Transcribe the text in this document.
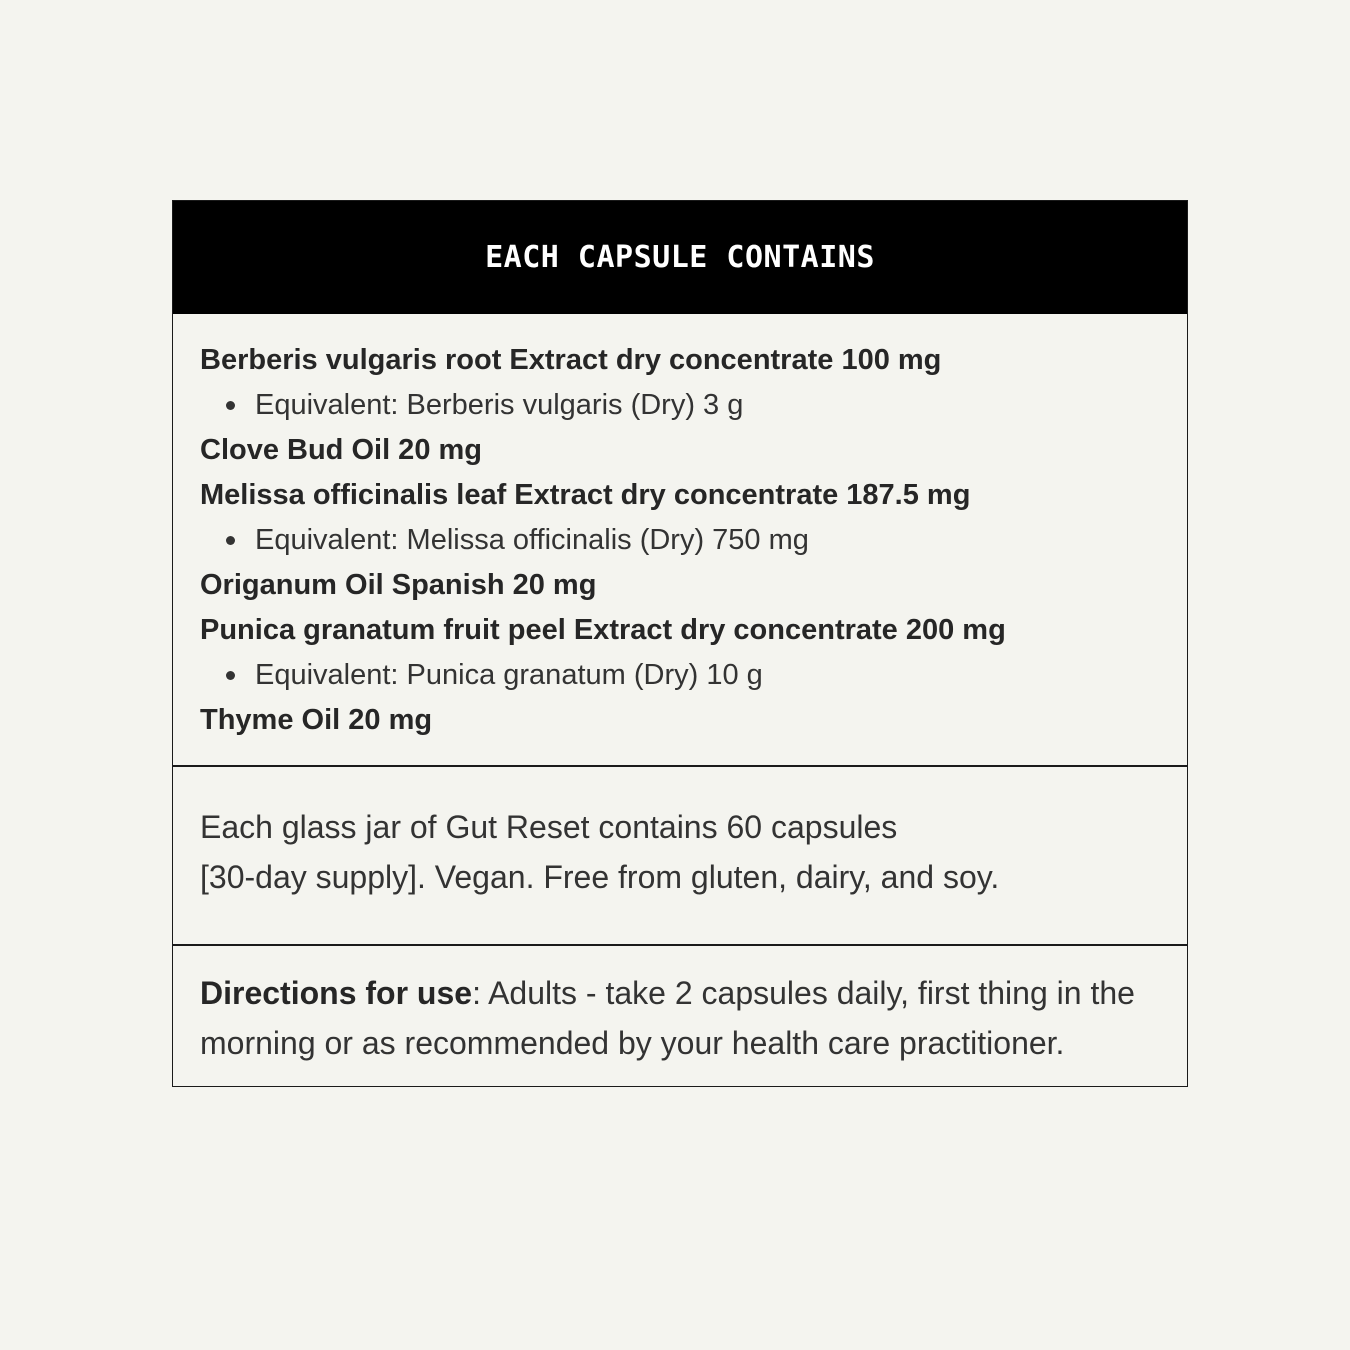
EACH CAPSULE CONTAINS
Berberis vulgaris root Extract dry concentrate 100 mg
Equivalent: Berberis vulgaris (Dry) 3 g
Clove Bud Oil 20 mg
Melissa officinalis leaf Extract dry concentrate 187.5 mg
Equivalent: Melissa officinalis (Dry) 750 mg
Origanum Oil Spanish 20 mg
Punica granatum fruit peel Extract dry concentrate 200 mg
Equivalent: Punica granatum (Dry) 10 g
Thyme Oil 20 mg
Each glass jar of Gut Reset contains 60 capsules
[30-day supply]. Vegan. Free from gluten, dairy, and soy.
Directions for use: Adults - take 2 capsules daily, first thing in the morning or as recommended by your health care practitioner.
